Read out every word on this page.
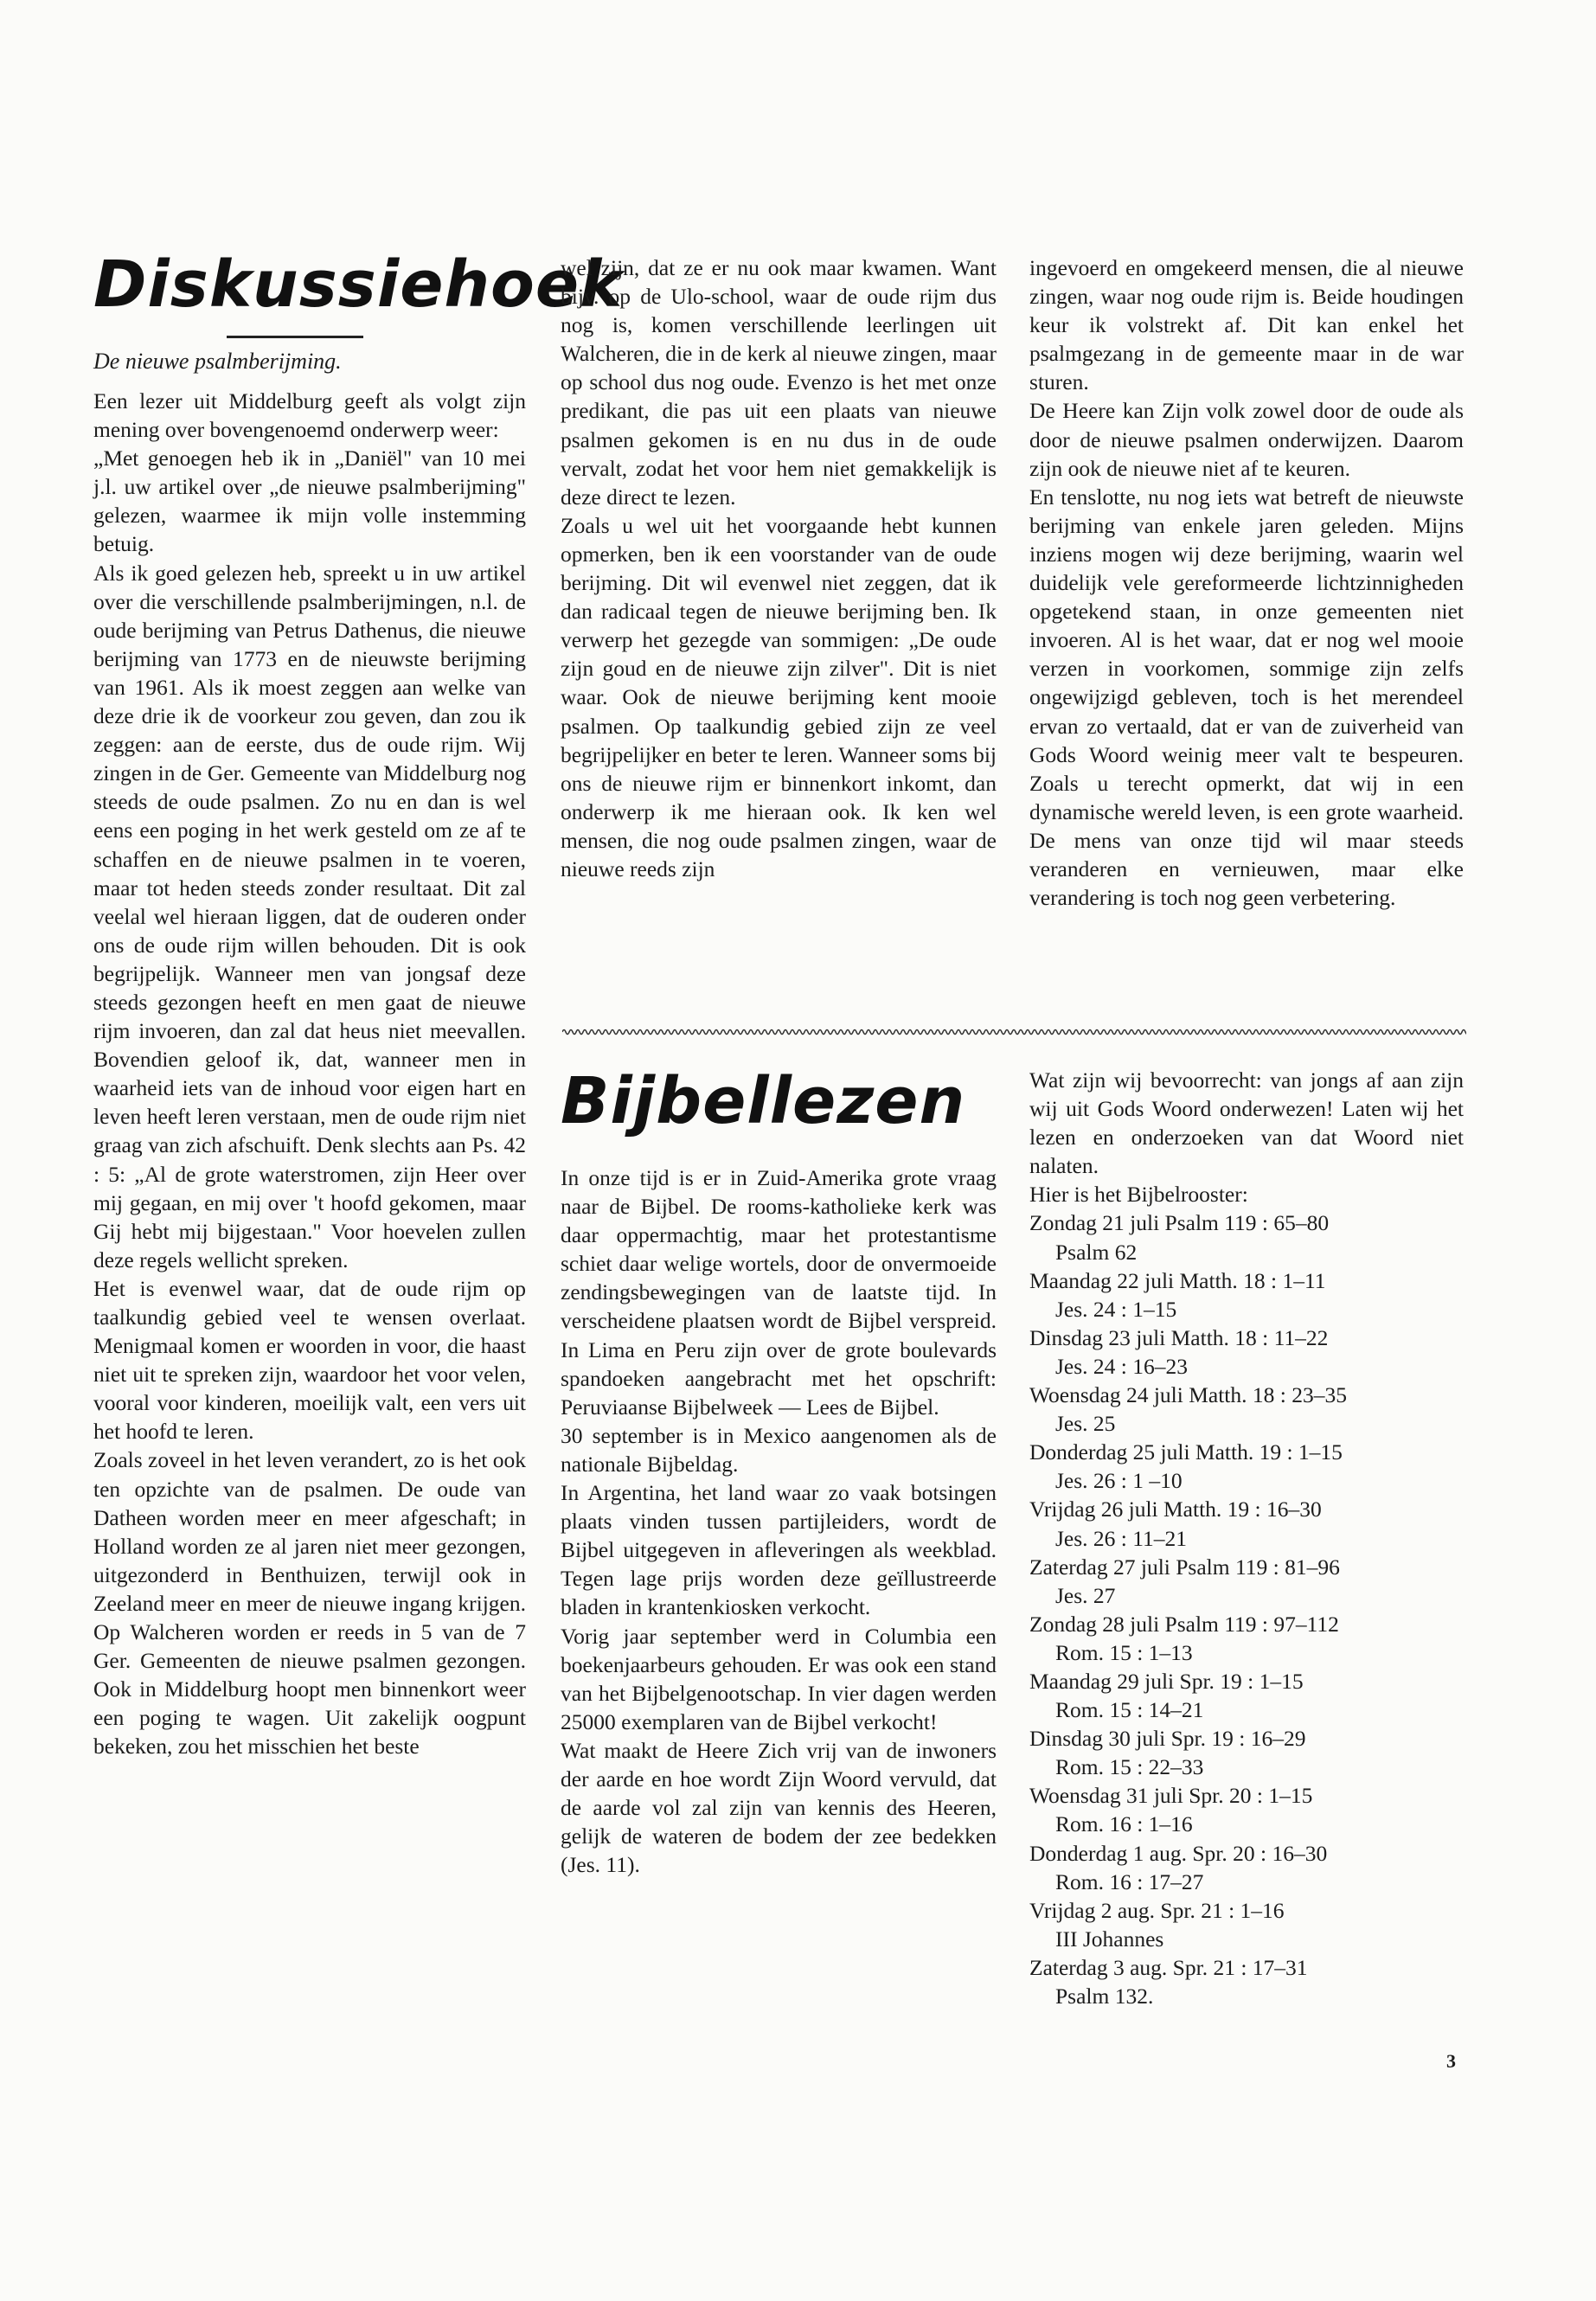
Diskussiehoek
De nieuwe psalmberijming.

Een lezer uit Middelburg geeft als volgt zijn mening over bovengenoemd onderwerp weer:

„Met genoegen heb ik in „Daniël" van 10 mei j.l. uw artikel over „de nieuwe psalmberijming" gelezen, waarmee ik mijn volle instemming betuig.

Als ik goed gelezen heb, spreekt u in uw artikel over die verschillende psalmberijmingen, n.l. de oude berijming van Petrus Dathenus, die nieuwe berijming van 1773 en de nieuwste berijming van 1961. Als ik moest zeggen aan welke van deze drie ik de voorkeur zou geven, dan zou ik zeggen: aan de eerste, dus de oude rijm. Wij zingen in de Ger. Gemeente van Middelburg nog steeds de oude psalmen. Zo nu en dan is wel eens een poging in het werk gesteld om ze af te schaffen en de nieuwe psalmen in te voeren, maar tot heden steeds zonder resultaat. Dit zal veelal wel hieraan liggen, dat de ouderen onder ons de oude rijm willen behouden. Dit is ook begrijpelijk. Wanneer men van jongsaf deze steeds gezongen heeft en men gaat de nieuwe rijm invoeren, dan zal dat heus niet meevallen. Bovendien geloof ik, dat, wanneer men in waarheid iets van de inhoud voor eigen hart en leven heeft leren verstaan, men de oude rijm niet graag van zich afschuift. Denk slechts aan Ps. 42 : 5: „Al de grote waterstromen, zijn Heer over mij gegaan, en mij over 't hoofd gekomen, maar Gij hebt mij bijgestaan." Voor hoevelen zullen deze regels wellicht spreken.

Het is evenwel waar, dat de oude rijm op taalkundig gebied veel te wensen overlaat. Menigmaal komen er woorden in voor, die haast niet uit te spreken zijn, waardoor het voor velen, vooral voor kinderen, moeilijk valt, een vers uit het hoofd te leren.

Zoals zoveel in het leven verandert, zo is het ook ten opzichte van de psalmen. De oude van Datheen worden meer en meer afgeschaft; in Holland worden ze al jaren niet meer gezongen, uitgezonderd in Benthuizen, terwijl ook in Zeeland meer en meer de nieuwe ingang krijgen. Op Walcheren worden er reeds in 5 van de 7 Ger. Gemeenten de nieuwe psalmen gezongen. Ook in Middelburg hoopt men binnenkort weer een poging te wagen. Uit zakelijk oogpunt bekeken, zou het misschien het beste

wel zijn, dat ze er nu ook maar kwamen. Want bijv. op de Ulo-school, waar de oude rijm dus nog is, komen verschillende leerlingen uit Walcheren, die in de kerk al nieuwe zingen, maar op school dus nog oude. Evenzo is het met onze predikant, die pas uit een plaats van nieuwe psalmen gekomen is en nu dus in de oude vervalt, zodat het voor hem niet gemakkelijk is deze direct te lezen.

Zoals u wel uit het voorgaande hebt kunnen opmerken, ben ik een voorstander van de oude berijming. Dit wil evenwel niet zeggen, dat ik dan radicaal tegen de nieuwe berijming ben. Ik verwerp het gezegde van sommigen: „De oude zijn goud en de nieuwe zijn zilver". Dit is niet waar. Ook de nieuwe berijming kent mooie psalmen. Op taalkundig gebied zijn ze veel begrijpelijker en beter te leren. Wanneer soms bij ons de nieuwe rijm er binnenkort inkomt, dan onderwerp ik me hieraan ook. Ik ken wel mensen, die nog oude psalmen zingen, waar de nieuwe reeds zijn

ingevoerd en omgekeerd mensen, die al nieuwe zingen, waar nog oude rijm is. Beide houdingen keur ik volstrekt af. Dit kan enkel het psalmgezang in de gemeente maar in de war sturen.

De Heere kan Zijn volk zowel door de oude als door de nieuwe psalmen onderwijzen. Daarom zijn ook de nieuwe niet af te keuren.

En tenslotte, nu nog iets wat betreft de nieuwste berijming van enkele jaren geleden. Mijns inziens mogen wij deze berijming, waarin wel duidelijk vele gereformeerde lichtzinnigheden opgetekend staan, in onze gemeenten niet invoeren. Al is het waar, dat er nog wel mooie verzen in voorkomen, sommige zijn zelfs ongewijzigd gebleven, toch is het merendeel ervan zo vertaald, dat er van de zuiverheid van Gods Woord weinig meer valt te bespeuren. Zoals u terecht opmerkt, dat wij in een dynamische wereld leven, is een grote waarheid. De mens van onze tijd wil maar steeds veranderen en vernieuwen, maar elke verandering is toch nog geen verbetering.

Bijbellezen

In onze tijd is er in Zuid-Amerika grote vraag naar de Bijbel. De rooms-katholieke kerk was daar oppermachtig, maar het protestantisme schiet daar welige wortels, door de onvermoeide zendingsbewegingen van de laatste tijd. In verscheidene plaatsen wordt de Bijbel verspreid. In Lima en Peru zijn over de grote boulevards spandoeken aangebracht met het opschrift: Peruviaanse Bijbelweek — Lees de Bijbel.

30 september is in Mexico aangenomen als de nationale Bijbeldag.

In Argentina, het land waar zo vaak botsingen plaats vinden tussen partijleiders, wordt de Bijbel uitgegeven in afleveringen als weekblad. Tegen lage prijs worden deze geïllustreerde bladen in krantenkiosken verkocht.

Vorig jaar september werd in Columbia een boekenjaarbeurs gehouden. Er was ook een stand van het Bijbelgenootschap. In vier dagen werden 25000 exemplaren van de Bijbel verkocht!

Wat maakt de Heere Zich vrij van de inwoners der aarde en hoe wordt Zijn Woord vervuld, dat de aarde vol zal zijn van kennis des Heeren, gelijk de wateren de bodem der zee bedekken (Jes. 11).

Wat zijn wij bevoorrecht: van jongs af aan zijn wij uit Gods Woord onderwezen! Laten wij het lezen en onderzoeken van dat Woord niet nalaten.

Hier is het Bijbelrooster:

Zondag 21 juli Psalm 119 : 65–80

Psalm 62

Maandag 22 juli Matth. 18 : 1–11

Jes. 24 : 1–15

Dinsdag 23 juli Matth. 18 : 11–22

Jes. 24 : 16–23

Woensdag 24 juli Matth. 18 : 23–35

Jes. 25

Donderdag 25 juli Matth. 19 : 1–15

Jes. 26 : 1 –10

Vrijdag 26 juli Matth. 19 : 16–30

Jes. 26 : 11–21

Zaterdag 27 juli Psalm 119 : 81–96

Jes. 27

Zondag 28 juli Psalm 119 : 97–112

Rom. 15 : 1–13

Maandag 29 juli Spr. 19 : 1–15

Rom. 15 : 14–21

Dinsdag 30 juli Spr. 19 : 16–29

Rom. 15 : 22–33

Woensdag 31 juli Spr. 20 : 1–15

Rom. 16 : 1–16

Donderdag 1 aug. Spr. 20 : 16–30

Rom. 16 : 17–27

Vrijdag 2 aug. Spr. 21 : 1–16

III Johannes

Zaterdag 3 aug. Spr. 21 : 17–31

Psalm 132.

3
